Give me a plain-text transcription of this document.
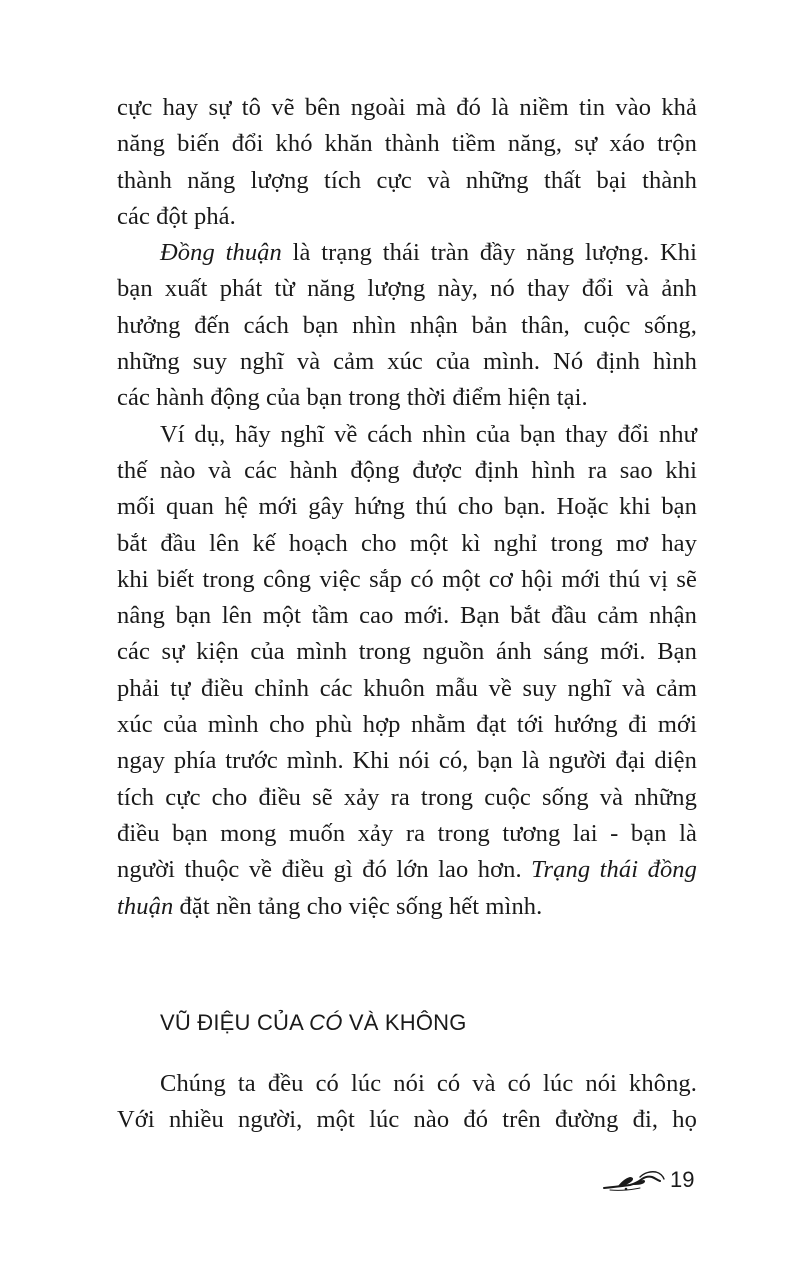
cực hay sự tô vẽ bên ngoài mà đó là niềm tin vào khả
năng biến đổi khó khăn thành tiềm năng, sự xáo trộn
thành năng lượng tích cực và những thất bại thành
các đột phá.
Đồng thuận là trạng thái tràn đầy năng lượng. Khi
bạn xuất phát từ năng lượng này, nó thay đổi và ảnh
hưởng đến cách bạn nhìn nhận bản thân, cuộc sống,
những suy nghĩ và cảm xúc của mình. Nó định hình
các hành động của bạn trong thời điểm hiện tại.
Ví dụ, hãy nghĩ về cách nhìn của bạn thay đổi như
thế nào và các hành động được định hình ra sao khi
mối quan hệ mới gây hứng thú cho bạn. Hoặc khi bạn
bắt đầu lên kế hoạch cho một kì nghỉ trong mơ hay
khi biết trong công việc sắp có một cơ hội mới thú vị sẽ
nâng bạn lên một tầm cao mới. Bạn bắt đầu cảm nhận
các sự kiện của mình trong nguồn ánh sáng mới. Bạn
phải tự điều chỉnh các khuôn mẫu về suy nghĩ và cảm
xúc của mình cho phù hợp nhằm đạt tới hướng đi mới
ngay phía trước mình. Khi nói có, bạn là người đại diện
tích cực cho điều sẽ xảy ra trong cuộc sống và những
điều bạn mong muốn xảy ra trong tương lai - bạn là
người thuộc về điều gì đó lớn lao hơn. Trạng thái đồng
thuận đặt nền tảng cho việc sống hết mình.
VŨ ĐIỆU CỦA CÓ VÀ KHÔNG
Chúng ta đều có lúc nói có và có lúc nói không.
Với nhiều người, một lúc nào đó trên đường đi, họ
19
